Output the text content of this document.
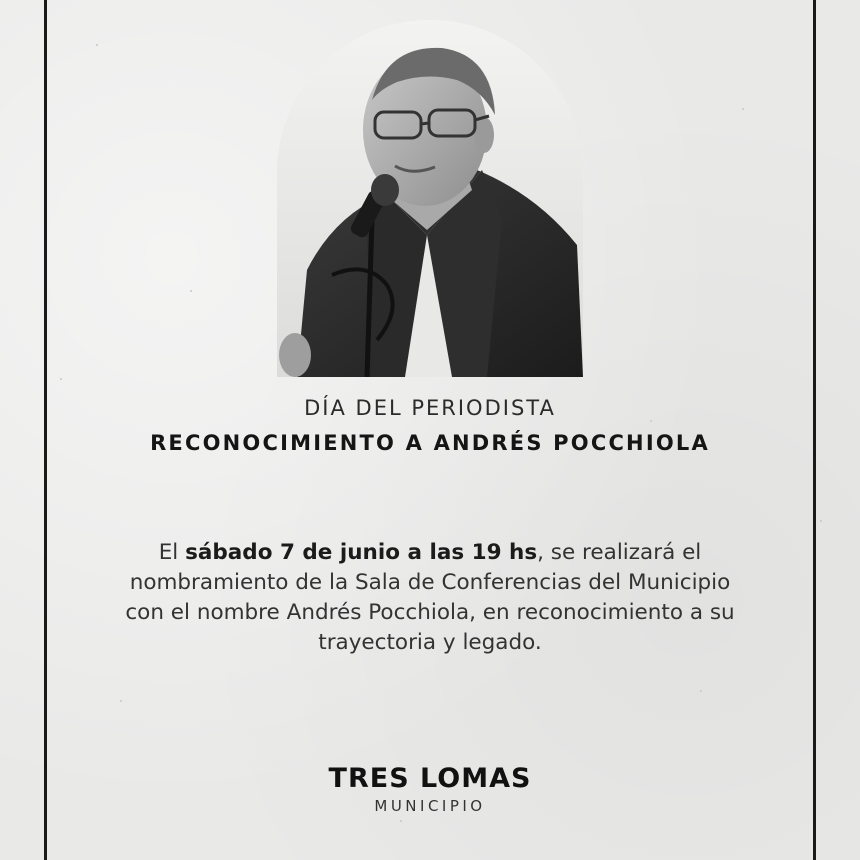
DÍA DEL PERIODISTA
RECONOCIMIENTO A ANDRÉS POCCHIOLA
El sábado 7 de junio a las 19 hs, se realizará el nombramiento de la Sala de Conferencias del Municipio con el nombre Andrés Pocchiola, en reconocimiento a su trayectoria y legado.
TRES LOMAS
MUNICIPIO
